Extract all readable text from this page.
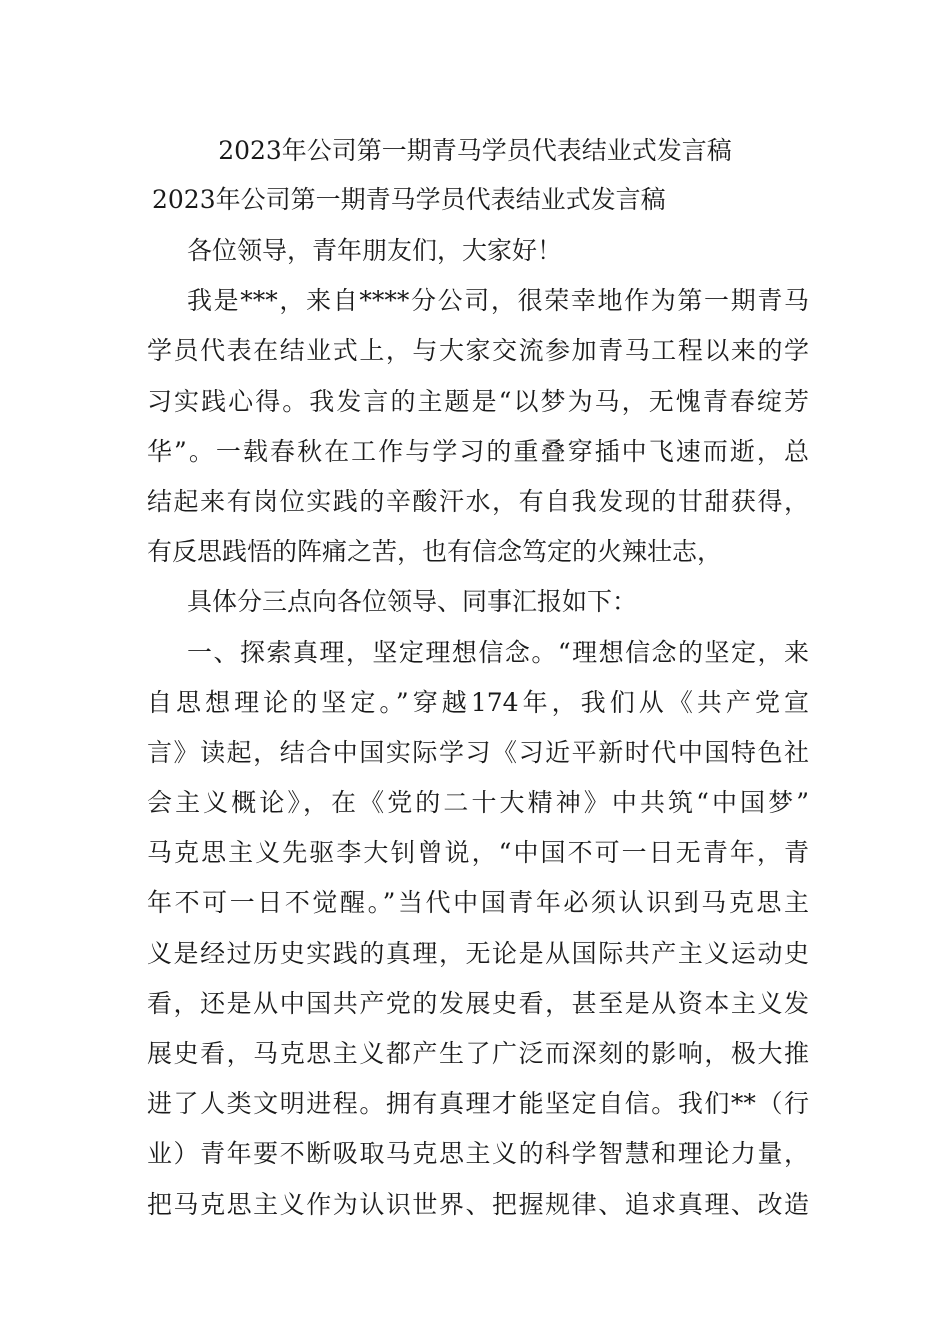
2023年公司第一期青马学员代表结业式发言稿
2023年公司第一期青马学员代表结业式发言稿
各位领导，青年朋友们，大家好！
我是***，来自****分公司，很荣幸地作为第一期青马
学员代表在结业式上，与大家交流参加青马工程以来的学
习实践心得。我发言的主题是“以梦为马，无愧青春绽芳
华”。一载春秋在工作与学习的重叠穿插中飞速而逝，总
结起来有岗位实践的辛酸汗水，有自我发现的甘甜获得，
有反思践悟的阵痛之苦，也有信念笃定的火辣壮志，
具体分三点向各位领导、同事汇报如下：
一、探索真理，坚定理想信念。“理想信念的坚定，来
自思想理论的坚定。”穿越174年，我们从《共产党宣
言》读起，结合中国实际学习《习近平新时代中国特色社
会主义概论》，在《党的二十大精神》中共筑“中国梦”
马克思主义先驱李大钊曾说，“中国不可一日无青年，青
年不可一日不觉醒。”当代中国青年必须认识到马克思主
义是经过历史实践的真理，无论是从国际共产主义运动史
看，还是从中国共产党的发展史看，甚至是从资本主义发
展史看，马克思主义都产生了广泛而深刻的影响，极大推
进了人类文明进程。拥有真理才能坚定自信。我们**（行
业）青年要不断吸取马克思主义的科学智慧和理论力量，
把马克思主义作为认识世界、把握规律、追求真理、改造
